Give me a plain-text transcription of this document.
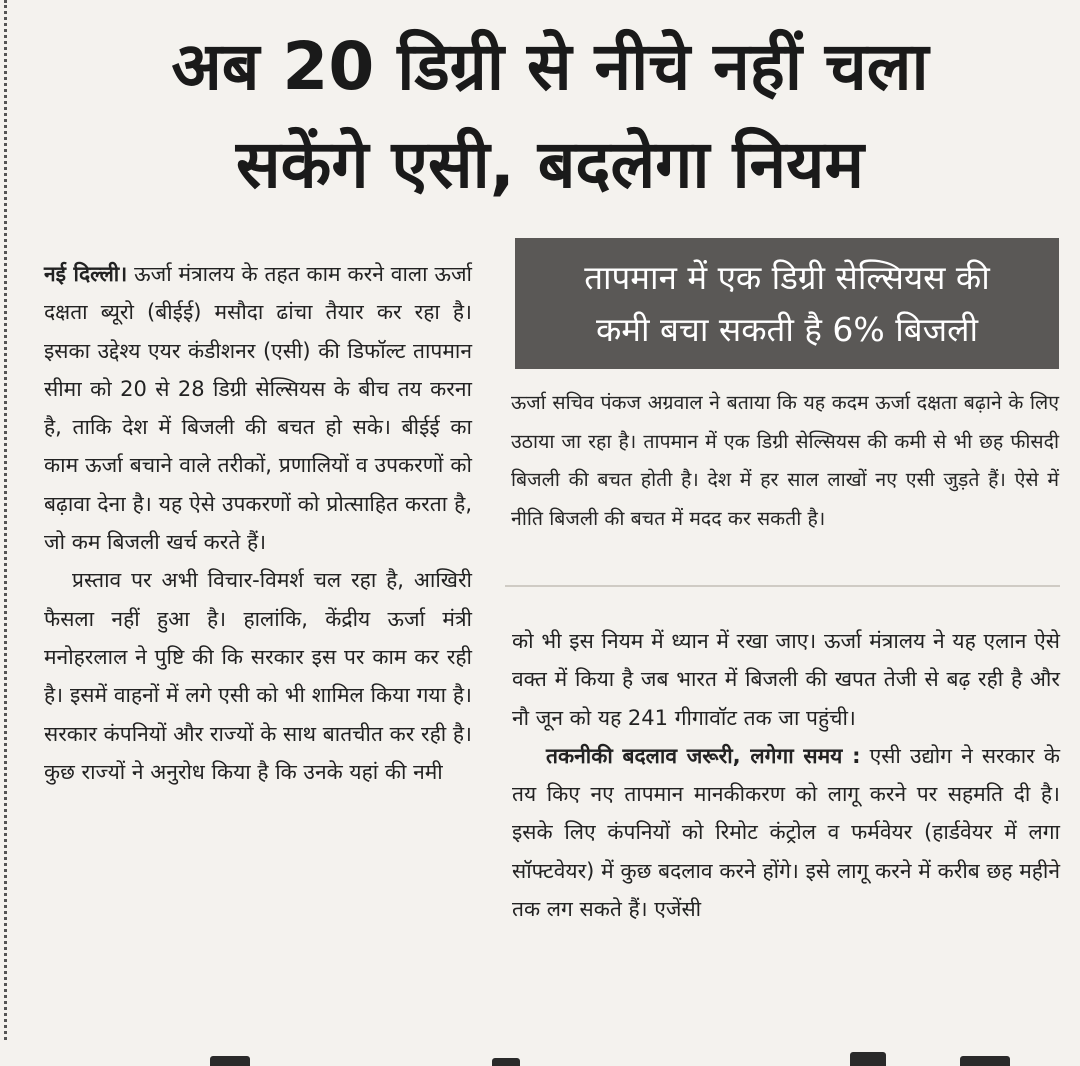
अब 20 डिग्री से नीचे नहीं चला
सकेंगे एसी, बदलेगा नियम

नई दिल्ली। ऊर्जा मंत्रालय के तहत काम करने वाला ऊर्जा दक्षता ब्यूरो (बीईई) मसौदा ढांचा तैयार कर रहा है। इसका उद्देश्य एयर कंडीशनर (एसी) की डिफॉल्ट तापमान सीमा को 20 से 28 डिग्री सेल्सियस के बीच तय करना है, ताकि देश में बिजली की बचत हो सके। बीईई का काम ऊर्जा बचाने वाले तरीकों, प्रणालियों व उपकरणों को बढ़ावा देना है। यह ऐसे उपकरणों को प्रोत्साहित करता है, जो कम बिजली खर्च करते हैं।

प्रस्ताव पर अभी विचार-विमर्श चल रहा है, आखिरी फैसला नहीं हुआ है। हालांकि, केंद्रीय ऊर्जा मंत्री मनोहरलाल ने पुष्टि की कि सरकार इस पर काम कर रही है। इसमें वाहनों में लगे एसी को भी शामिल किया गया है। सरकार कंपनियों और राज्यों के साथ बातचीत कर रही है। कुछ राज्यों ने अनुरोध किया है कि उनके यहां की नमी

तापमान में एक डिग्री सेल्सियस की
कमी बचा सकती है 6% बिजली

ऊर्जा सचिव पंकज अग्रवाल ने बताया कि यह कदम ऊर्जा दक्षता बढ़ाने के लिए उठाया जा रहा है। तापमान में एक डिग्री सेल्सियस की कमी से भी छह फीसदी बिजली की बचत होती है। देश में हर साल लाखों नए एसी जुड़ते हैं। ऐसे में नीति बिजली की बचत में मदद कर सकती है।

को भी इस नियम में ध्यान में रखा जाए। ऊर्जा मंत्रालय ने यह एलान ऐसे वक्त में किया है जब भारत में बिजली की खपत तेजी से बढ़ रही है और नौ जून को यह 241 गीगावॉट तक जा पहुंची।

तकनीकी बदलाव जरूरी, लगेगा समय : एसी उद्योग ने सरकार के तय किए नए तापमान मानकीकरण को लागू करने पर सहमति दी है। इसके लिए कंपनियों को रिमोट कंट्रोल व फर्मवेयर (हार्डवेयर में लगा सॉफ्टवेयर) में कुछ बदलाव करने होंगे। इसे लागू करने में करीब छह महीने तक लग सकते हैं। एजेंसी
